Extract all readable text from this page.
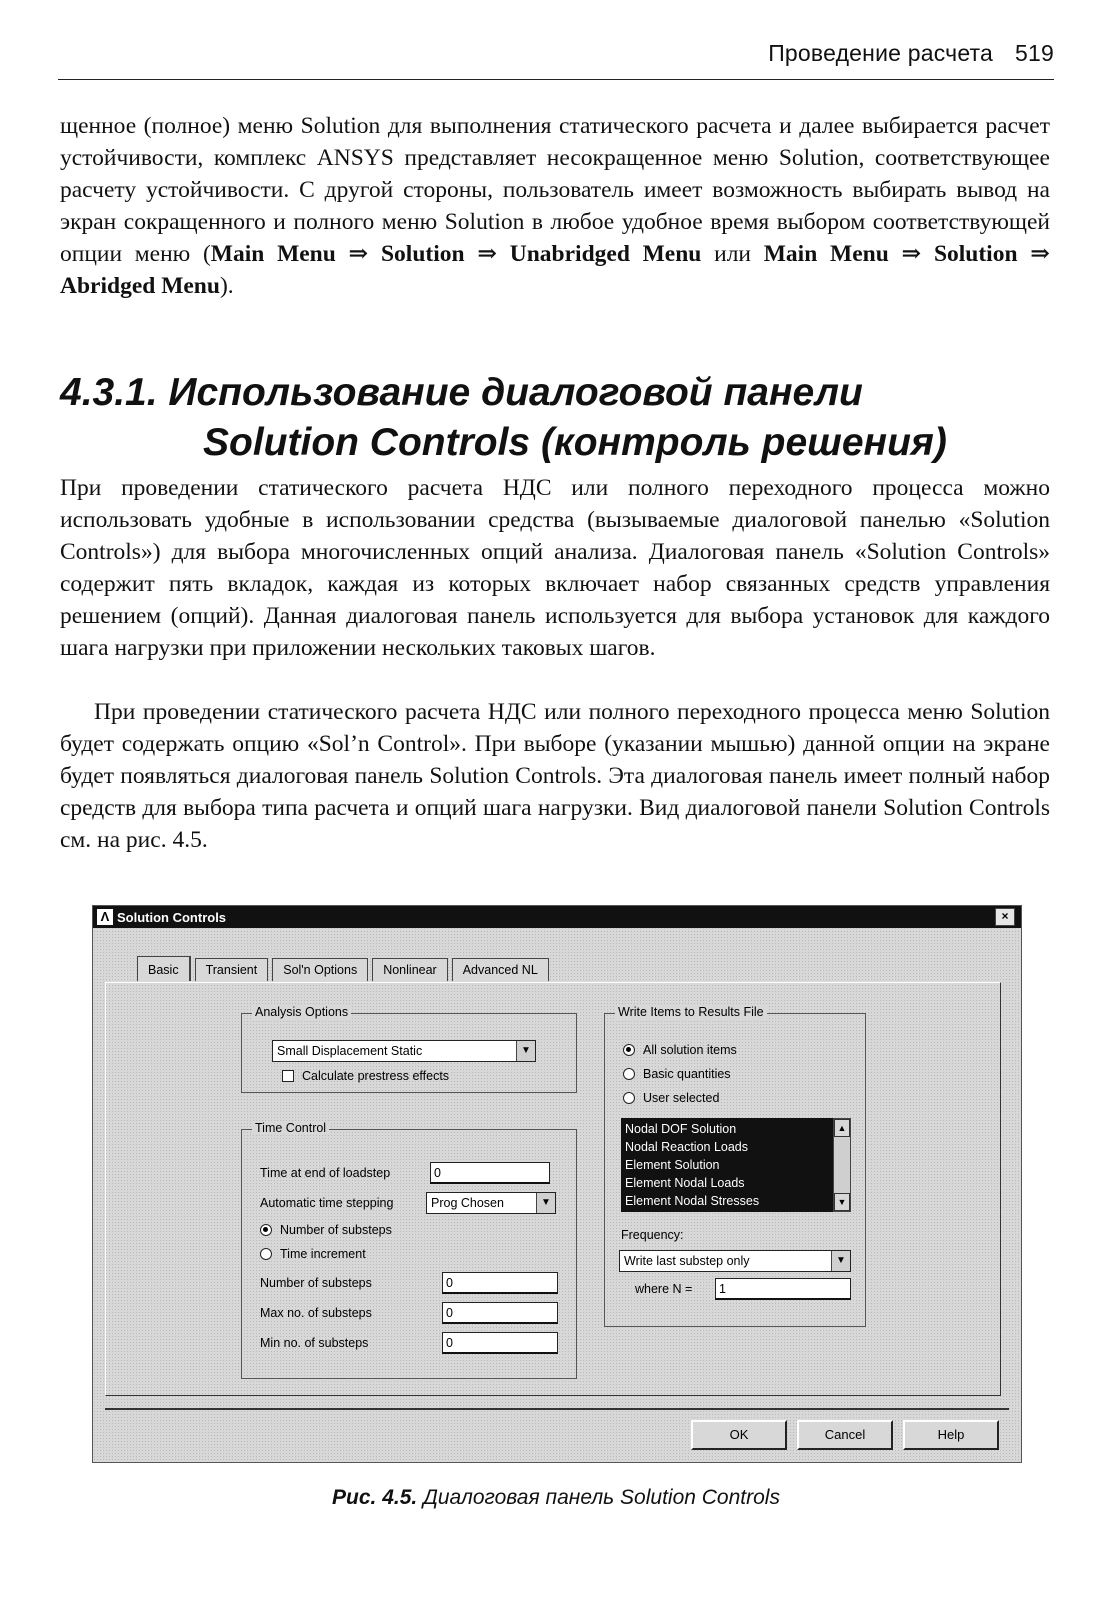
Проведение расчета 519

щенное (полное) меню Solution для выполнения статического расчета и далее выбирается расчет устойчивости, комплекс ANSYS представляет несокращенное меню Solution, соответствующее расчету устойчивости. С другой стороны, пользователь имеет возможность выбирать вывод на экран сокращенного и полного меню Solution в любое удобное время выбором соответствующей опции меню (Main Menu ⇒ Solution ⇒ Unabridged Menu или Main Menu ⇒ Solution ⇒ Abridged Menu).

4.3.1. Использование диалоговой панели
Solution Controls (контроль решения)

При проведении статического расчета НДС или полного переходного процесса можно использовать удобные в использовании средства (вызываемые диалоговой панелью «Solution Controls») для выбора многочисленных опций анализа. Диалоговая панель «Solution Controls» содержит пять вкладок, каждая из которых включает набор связанных средств управления решением (опций). Данная диалоговая панель используется для выбора установок для каждого шага нагрузки при приложении нескольких таковых шагов.

При проведении статического расчета НДС или полного переходного процесса меню Solution будет содержать опцию «Sol’n Control». При выборе (указании мышью) данной опции на экране будет появляться диалоговая панель Solution Controls. Эта диалоговая панель имеет полный набор средств для выбора типа расчета и опций шага нагрузки. Вид диалоговой панели Solution Controls см. на рис. 4.5.

Λ Solution Controls	×
Basic	Transient	Sol'n Options	Nonlinear	Advanced NL
Analysis Options
Small Displacement Static	▼
Calculate prestress effects
Time Control
Time at end of loadstep	0
Automatic time stepping	Prog Chosen	▼
Number of substeps
Time increment
Number of substeps	0
Max no. of substeps	0
Min no. of substeps	0
Write Items to Results File
All solution items
Basic quantities
User selected
Nodal DOF Solution
Nodal Reaction Loads
Element Solution
Element Nodal Loads
Element Nodal Stresses
▲
▼
Frequency:
Write last substep only	▼
where N =	1
OK	Cancel	Help
Рис. 4.5. Диалоговая панель Solution Controls
